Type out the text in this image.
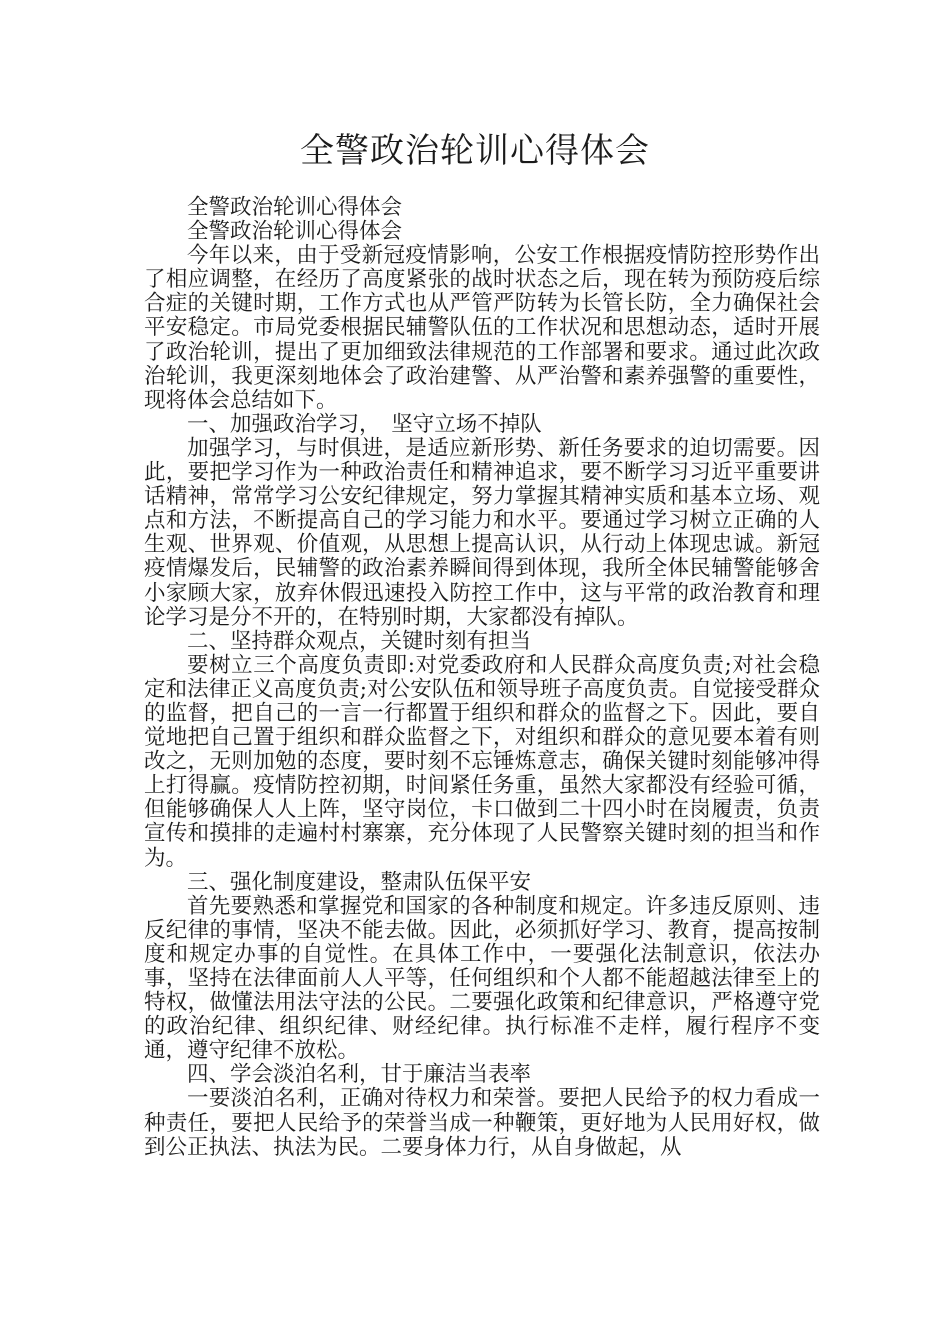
全警政治轮训心得体会

全警政治轮训心得体会

全警政治轮训心得体会

今年以来，由于受新冠疫情影响，公安工作根据疫情防控形势作出了相应调整，在经历了高度紧张的战时状态之后，现在转为预防疫后综合症的关键时期，工作方式也从严管严防转为长管长防，全力确保社会平安稳定。市局党委根据民辅警队伍的工作状况和思想动态，适时开展了政治轮训，提出了更加细致法律规范的工作部署和要求。通过此次政治轮训，我更深刻地体会了政治建警、从严治警和素养强警的重要性，现将体会总结如下。

一、加强政治学习，　坚守立场不掉队

加强学习，与时俱进，是适应新形势、新任务要求的迫切需要。因此，要把学习作为一种政治责任和精神追求，要不断学习习近平重要讲话精神，常常学习公安纪律规定，努力掌握其精神实质和基本立场、观点和方法，不断提高自己的学习能力和水平。要通过学习树立正确的人生观、世界观、价值观，从思想上提高认识，从行动上体现忠诚。新冠疫情爆发后，民辅警的政治素养瞬间得到体现，我所全体民辅警能够舍小家顾大家，放弃休假迅速投入防控工作中，这与平常的政治教育和理论学习是分不开的，在特别时期，大家都没有掉队。

二、坚持群众观点，关键时刻有担当

要树立三个高度负责即:对党委政府和人民群众高度负责;对社会稳定和法律正义高度负责;对公安队伍和领导班子高度负责。自觉接受群众的监督，把自己的一言一行都置于组织和群众的监督之下。因此，要自觉地把自己置于组织和群众监督之下，对组织和群众的意见要本着有则改之，无则加勉的态度，要时刻不忘锤炼意志，确保关键时刻能够冲得上打得赢。疫情防控初期，时间紧任务重，虽然大家都没有经验可循，但能够确保人人上阵，坚守岗位，卡口做到二十四小时在岗履责，负责宣传和摸排的走遍村村寨寨，充分体现了人民警察关键时刻的担当和作为。

三、强化制度建设，整肃队伍保平安

首先要熟悉和掌握党和国家的各种制度和规定。许多违反原则、违反纪律的事情，坚决不能去做。因此，必须抓好学习、教育，提高按制度和规定办事的自觉性。在具体工作中，一要强化法制意识，依法办事，坚持在法律面前人人平等，任何组织和个人都不能超越法律至上的特权，做懂法用法守法的公民。二要强化政策和纪律意识，严格遵守党的政治纪律、组织纪律、财经纪律。执行标准不走样，履行程序不变通，遵守纪律不放松。

四、学会淡泊名利，甘于廉洁当表率

一要淡泊名利，正确对待权力和荣誉。要把人民给予的权力看成一种责任，要把人民给予的荣誉当成一种鞭策，更好地为人民用好权，做到公正执法、执法为民。二要身体力行，从自身做起，从
